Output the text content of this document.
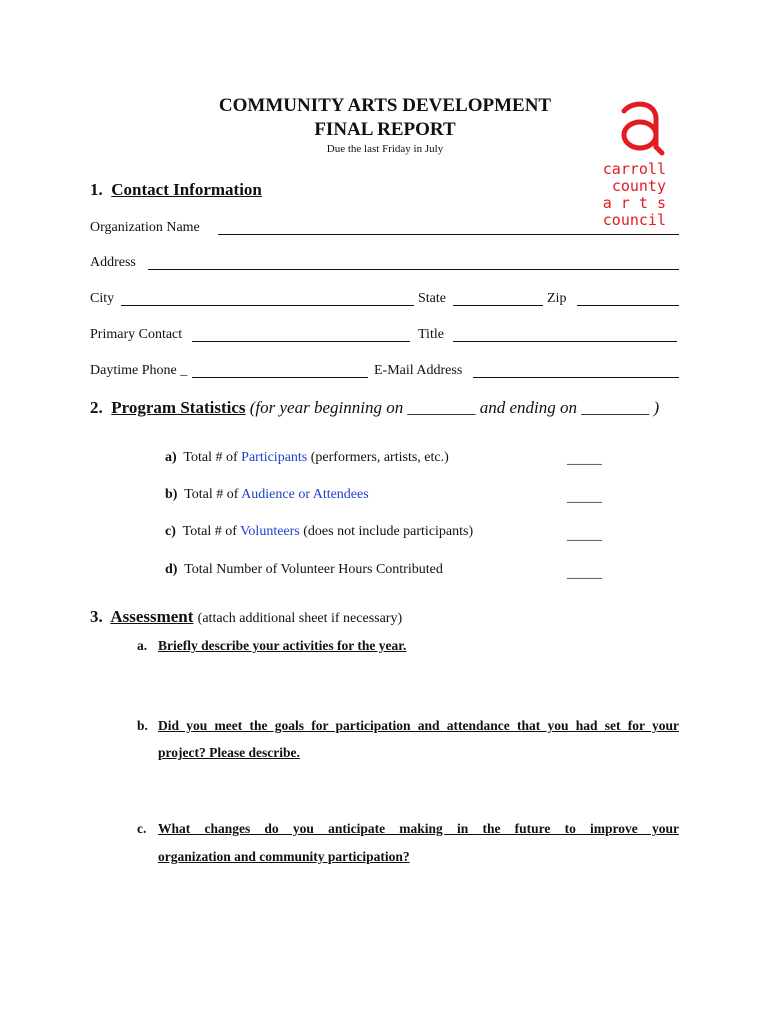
COMMUNITY ARTS DEVELOPMENT
FINAL REPORT
Due the last Friday in July
carroll
county
a r t s
council
1. Contact Information
Organization Name
Address
City	State	Zip
Primary Contact	Title
Daytime Phone _	E-Mail Address
2. Program Statistics (for year beginning on ________ and ending on ________ )
a) Total # of Participants (performers, artists, etc.)	_____
b) Total # of Audience or Attendees	_____
c) Total # of Volunteers (does not include participants)	_____
d) Total Number of Volunteer Hours Contributed	_____
3. Assessment (attach additional sheet if necessary)
a. Briefly describe your activities for the year.
b. Did you meet the goals for participation and attendance that you had set for your
project? Please describe.
c. What changes do you anticipate making in the future to improve your
organization and community participation?
